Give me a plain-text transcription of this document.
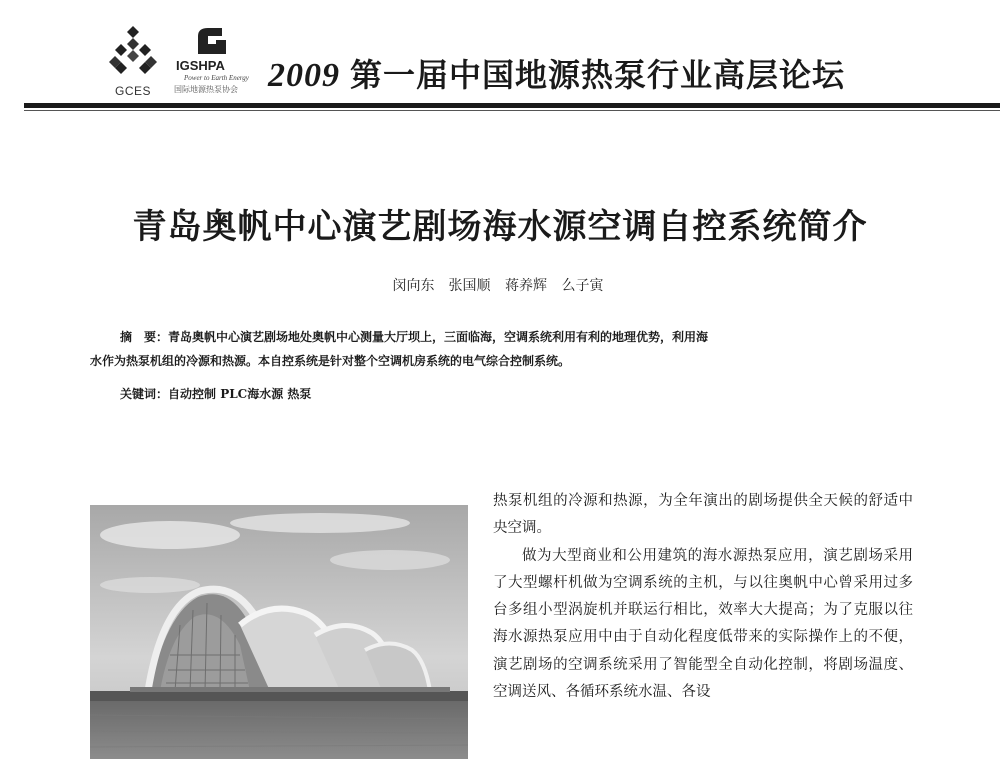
GCES
IGSHPA
Power to Earth Energy
国际地源热泵协会 2009 第一届中国地源热泵行业高层论坛
青岛奥帆中心演艺剧场海水源空调自控系统简介
闵向东　张国顺 蒋养辉 么子寅
摘　要：青岛奥帆中心演艺剧场地处奥帆中心测量大厅坝上，三面临海，空调系统利用有利的地理优势，利用海
水作为热泵机组的冷源和热源。本自控系统是针对整个空调机房系统的电气综合控制系统。
关键词：自动控制 PLC海水源 热泵

热泵机组的冷源和热源，为全年演出的剧场提供全天候的舒适中央空调。

做为大型商业和公用建筑的海水源热泵应用，演艺剧场采用了大型螺杆机做为空调系统的主机，与以往奥帆中心曾采用过多台多组小型涡旋机并联运行相比，效率大大提高；为了克服以往海水源热泵应用中由于自动化程度低带来的实际操作上的不便，演艺剧场的空调系统采用了智能型全自动化控制，将剧场温度、空调送风、各循环系统水温、各设
